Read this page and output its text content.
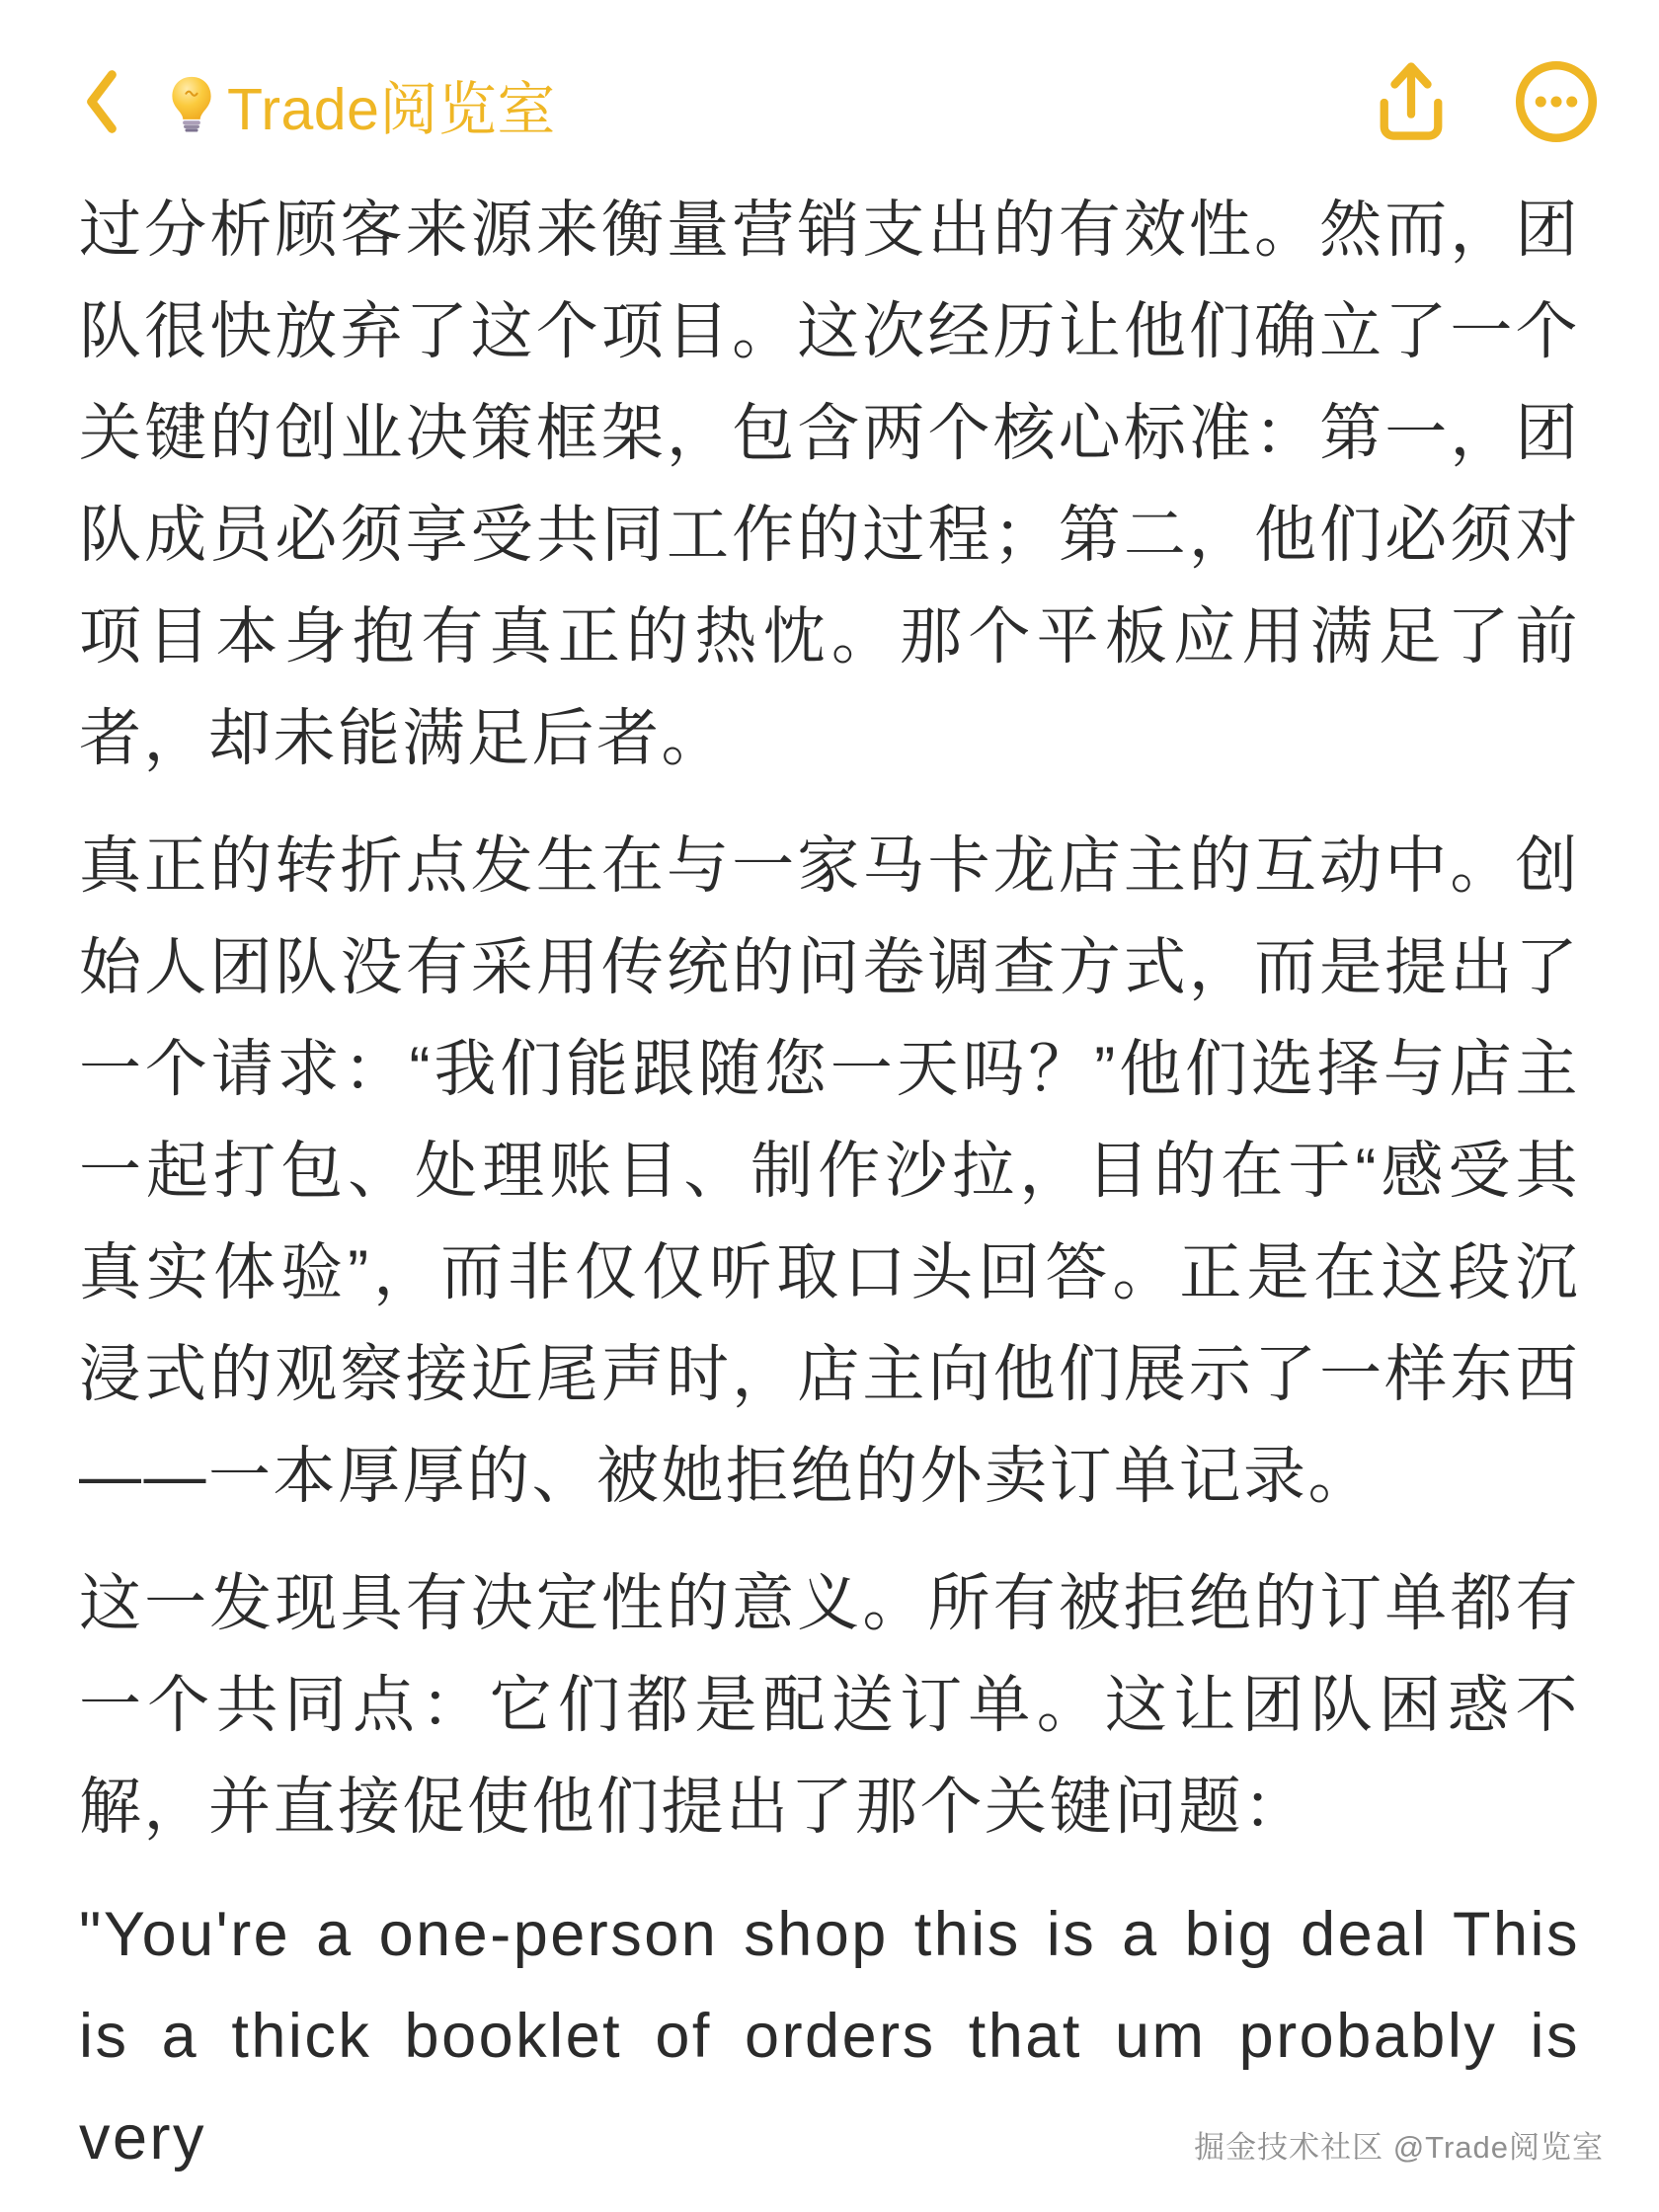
Trade阅览室

过分析顾客来源来衡量营销支出的有效性。然而，团队很快放弃了这个项目。这次经历让他们确立了一个关键的创业决策框架，包含两个核心标准：第一，团队成员必须享受共同工作的过程；第二，他们必须对项目本身抱有真正的热忱。那个平板应用满足了前者，却未能满足后者。

真正的转折点发生在与一家马卡龙店主的互动中。创始人团队没有采用传统的问卷调查方式，而是提出了一个请求：“我们能跟随您一天吗？”他们选择与店主一起打包、处理账目、制作沙拉，目的在于“感受其真实体验”，而非仅仅听取口头回答。正是在这段沉浸式的观察接近尾声时，店主向他们展示了一样东西——一本厚厚的、被她拒绝的外卖订单记录。

这一发现具有决定性的意义。所有被拒绝的订单都有一个共同点：它们都是配送订单。这让团队困惑不解，并直接促使他们提出了那个关键问题：

"You're a one-person shop this is a big deal This is a thick booklet of orders that um probably is very	掘金技术社区 @Trade阅览室
